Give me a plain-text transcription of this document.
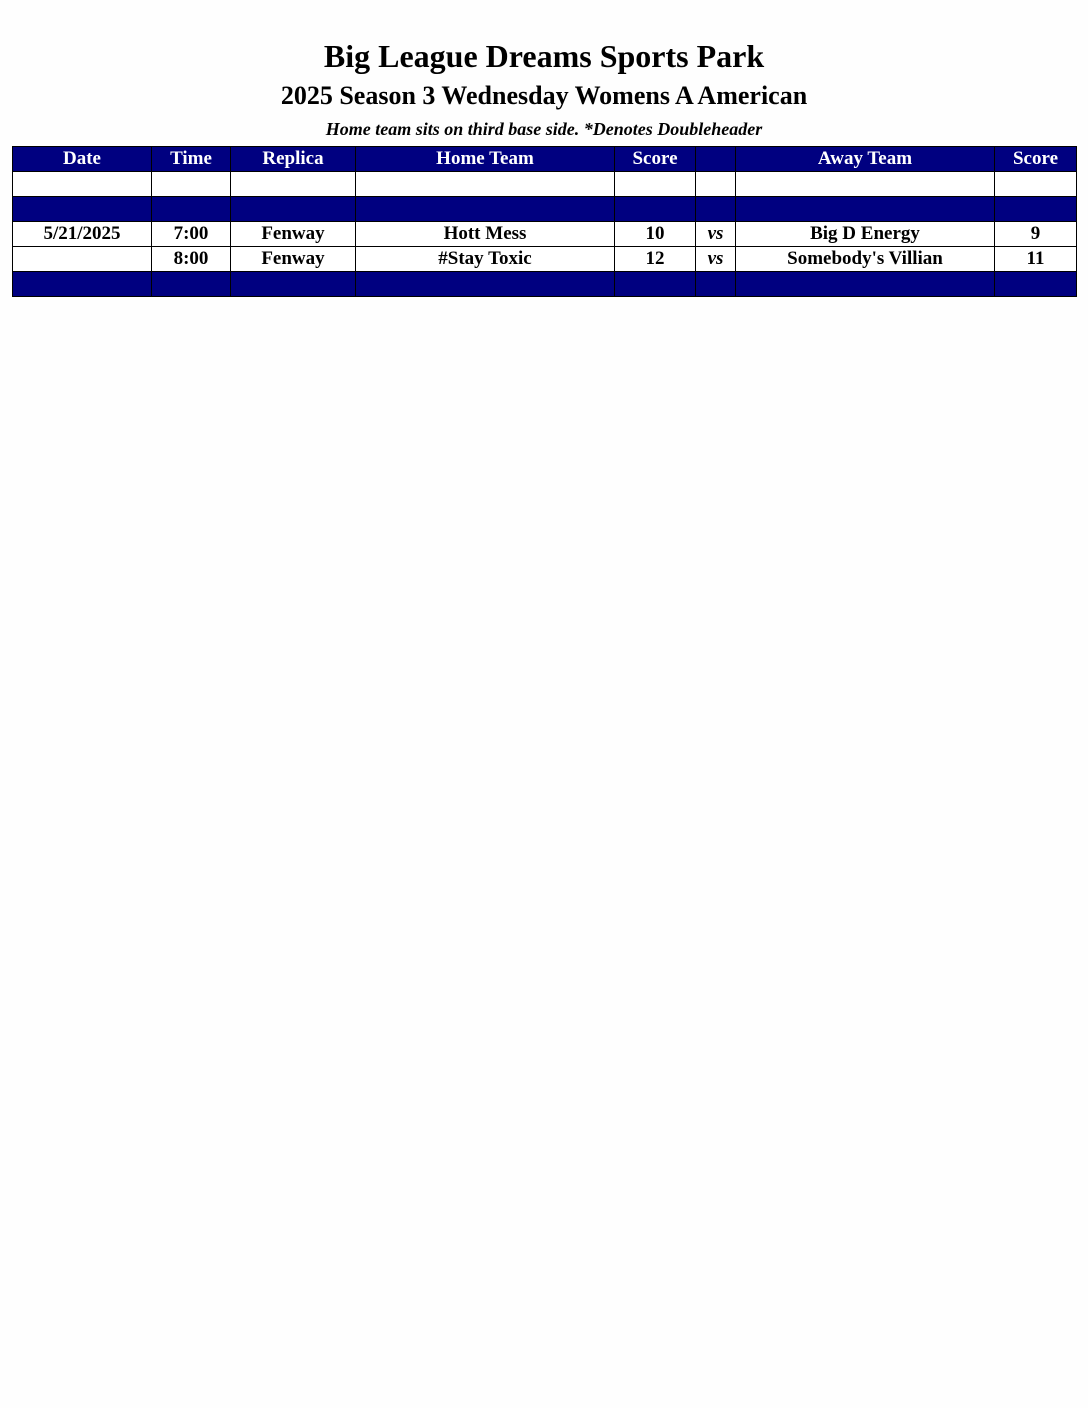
Big League Dreams Sports Park
2025 Season 3 Wednesday Womens A American
Home team sits on third base side. *Denotes Doubleheader
Date	Time	Replica	Home Team	Score		Away Team	Score

5/21/2025	7:00	Fenway	Hott Mess	10	vs	Big D Energy	9
	8:00	Fenway	#Stay Toxic	12	vs	Somebody's Villian	11
